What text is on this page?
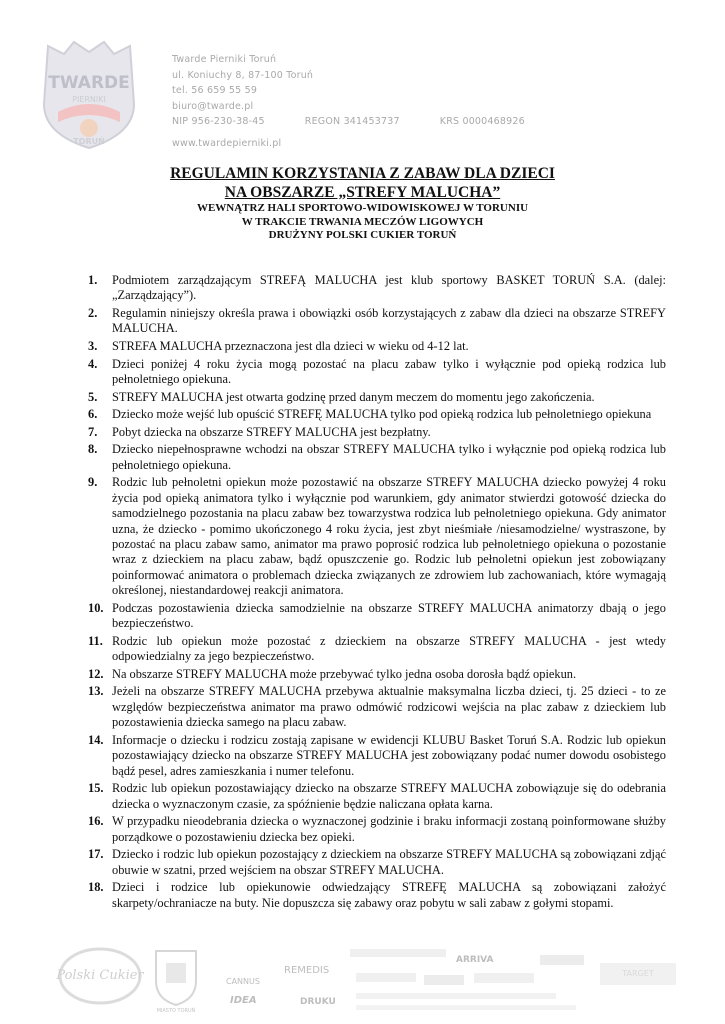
TWARDE
PIERNIKI
TORUŃ
Twarde Pierniki Toruń
ul. Koniuchy 8, 87-100 Toruń
tel. 56 659 55 59
biuro@twarde.pl
NIP 956-230-38-45	REGON 341453737	KRS 0000468926
www.twardepierniki.pl
REGULAMIN KORZYSTANIA Z ZABAW DLA DZIECI
NA OBSZARZE „STREFY MALUCHA”
WEWNĄTRZ HALI SPORTOWO-WIDOWISKOWEJ W TORUNIU
W TRAKCIE TRWANIA MECZÓW LIGOWYCH
DRUŻYNY POLSKI CUKIER TORUŃ
1. Podmiotem zarządzającym STREFĄ MALUCHA jest klub sportowy BASKET TORUŃ S.A. (dalej: „Zarządzający”).
2. Regulamin niniejszy określa prawa i obowiązki osób korzystających z zabaw dla dzieci na obszarze STREFY MALUCHA.
3. STREFA MALUCHA przeznaczona jest dla dzieci w wieku od 4-12 lat.
4. Dzieci poniżej 4 roku życia mogą pozostać na placu zabaw tylko i wyłącznie pod opieką rodzica lub pełnoletniego opiekuna.
5. STREFY MALUCHA jest otwarta godzinę przed danym meczem do momentu jego zakończenia.
6. Dziecko może wejść lub opuścić STREFĘ MALUCHA tylko pod opieką rodzica lub pełnoletniego opiekuna
7. Pobyt dziecka na obszarze STREFY MALUCHA jest bezpłatny.
8. Dziecko niepełnosprawne wchodzi na obszar STREFY MALUCHA tylko i wyłącznie pod opieką rodzica lub pełnoletniego opiekuna.
9. Rodzic lub pełnoletni opiekun może pozostawić na obszarze STREFY MALUCHA dziecko powyżej 4 roku życia pod opieką animatora tylko i wyłącznie pod warunkiem, gdy animator stwierdzi gotowość dziecka do samodzielnego pozostania na placu zabaw bez towarzystwa rodzica lub pełnoletniego opiekuna. Gdy animator uzna, że dziecko - pomimo ukończonego 4 roku życia, jest zbyt nieśmiałe /niesamodzielne/ wystraszone, by pozostać na placu zabaw samo, animator ma prawo poprosić rodzica lub pełnoletniego opiekuna o pozostanie wraz z dzieckiem na placu zabaw, bądź opuszczenie go. Rodzic lub pełnoletni opiekun jest zobowiązany poinformować animatora o problemach dziecka związanych ze zdrowiem lub zachowaniach, które wymagają określonej, niestandardowej reakcji animatora.
10. Podczas pozostawienia dziecka samodzielnie na obszarze STREFY MALUCHA animatorzy dbają o jego bezpieczeństwo.
11. Rodzic lub opiekun może pozostać z dzieckiem na obszarze STREFY MALUCHA - jest wtedy odpowiedzialny za jego bezpieczeństwo.
12. Na obszarze STREFY MALUCHA może przebywać tylko jedna osoba dorosła bądź opiekun.
13. Jeżeli na obszarze STREFY MALUCHA przebywa aktualnie maksymalna liczba dzieci, tj. 25 dzieci - to ze względów bezpieczeństwa animator ma prawo odmówić rodzicowi wejścia na plac zabaw z dzieckiem lub pozostawienia dziecka samego na placu zabaw.
14. Informacje o dziecku i rodzicu zostają zapisane w ewidencji KLUBU Basket Toruń S.A. Rodzic lub opiekun pozostawiający dziecko na obszarze STREFY MALUCHA jest zobowiązany podać numer dowodu osobistego bądź pesel, adres zamieszkania i numer telefonu.
15. Rodzic lub opiekun pozostawiający dziecko na obszarze STREFY MALUCHA zobowiązuje się do odebrania dziecka o wyznaczonym czasie, za spóźnienie będzie naliczana opłata karna.
16. W przypadku nieodebrania dziecka o wyznaczonej godzinie i braku informacji zostaną poinformowane służby porządkowe o pozostawieniu dziecka bez opieki.
17. Dziecko i rodzic lub opiekun pozostający z dzieckiem na obszarze STREFY MALUCHA są zobowiązani zdjąć obuwie w szatni, przed wejściem na obszar STREFY MALUCHA.
18. Dzieci i rodzice lub opiekunowie odwiedzający STREFĘ MALUCHA są zobowiązani założyć skarpety/ochraniacze na buty. Nie dopuszcza się zabawy oraz pobytu w sali zabaw z gołymi stopami.
Polski Cukier
MIASTO TORUŃ
CANNUS
REMEDIS
ARRIVA
IDEA	DRUKU
TARGET
